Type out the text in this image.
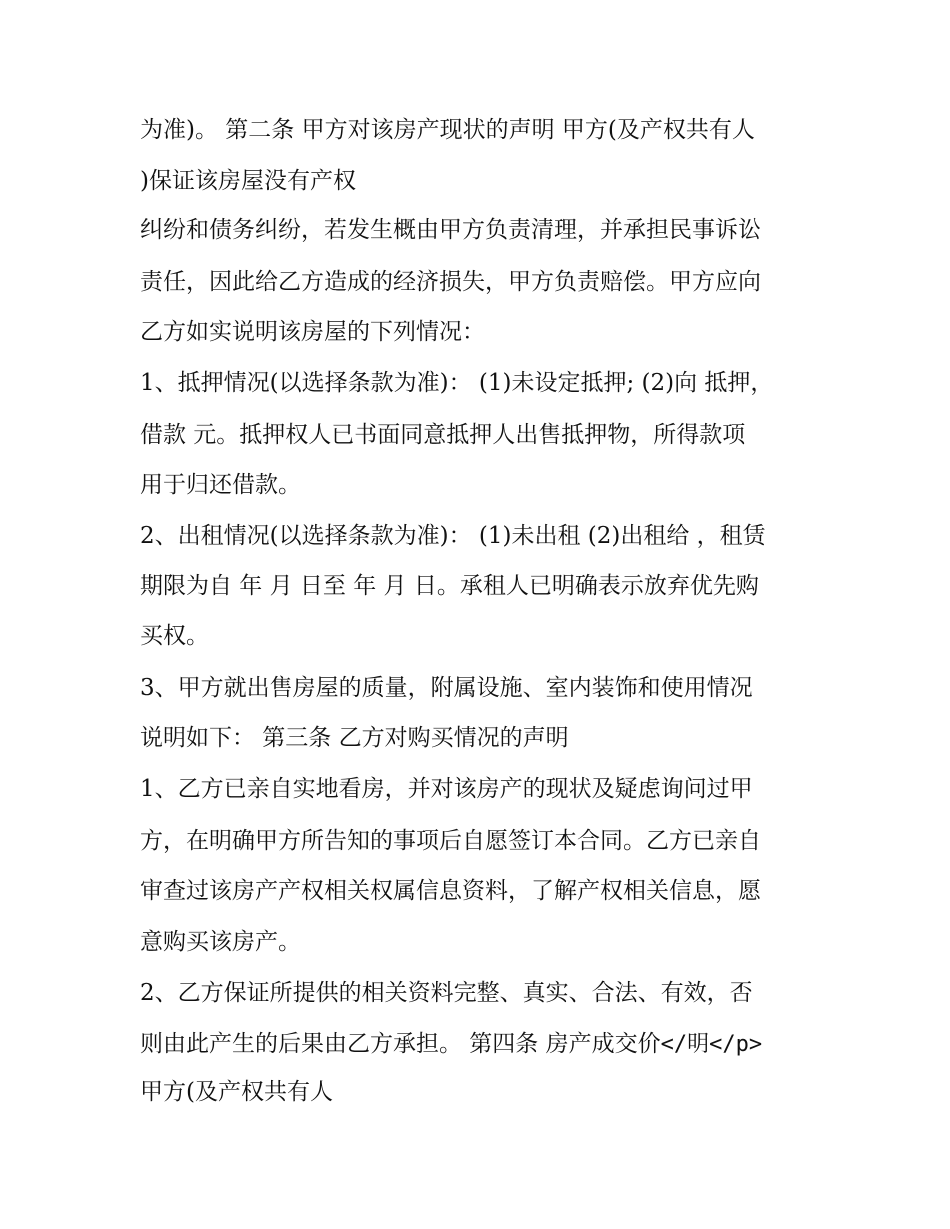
为准)。 第二条 甲方对该房产现状的声明 甲方(及产权共有人
)保证该房屋没有产权
纠纷和债务纠纷，若发生概由甲方负责清理，并承担民事诉讼
责任，因此给乙方造成的经济损失，甲方负责赔偿。甲方应向
乙方如实说明该房屋的下列情况：
1、抵押情况(以选择条款为准)： (1)未设定抵押; (2)向 抵押，
借款 元。抵押权人已书面同意抵押人出售抵押物，所得款项
用于归还借款。
2、出租情况(以选择条款为准)： (1)未出租 (2)出租给 ，租赁
期限为自 年 月 日至 年 月 日。承租人已明确表示放弃优先购
买权。
3、甲方就出售房屋的质量，附属设施、室内装饰和使用情况
说明如下： 第三条 乙方对购买情况的声明
1、乙方已亲自实地看房，并对该房产的现状及疑虑询问过甲
方，在明确甲方所告知的事项后自愿签订本合同。乙方已亲自
审查过该房产产权相关权属信息资料，了解产权相关信息，愿
意购买该房产。
2、乙方保证所提供的相关资料完整、真实、合法、有效，否
则由此产生的后果由乙方承担。 第四条 房产成交价</明</p>
甲方(及产权共有人
